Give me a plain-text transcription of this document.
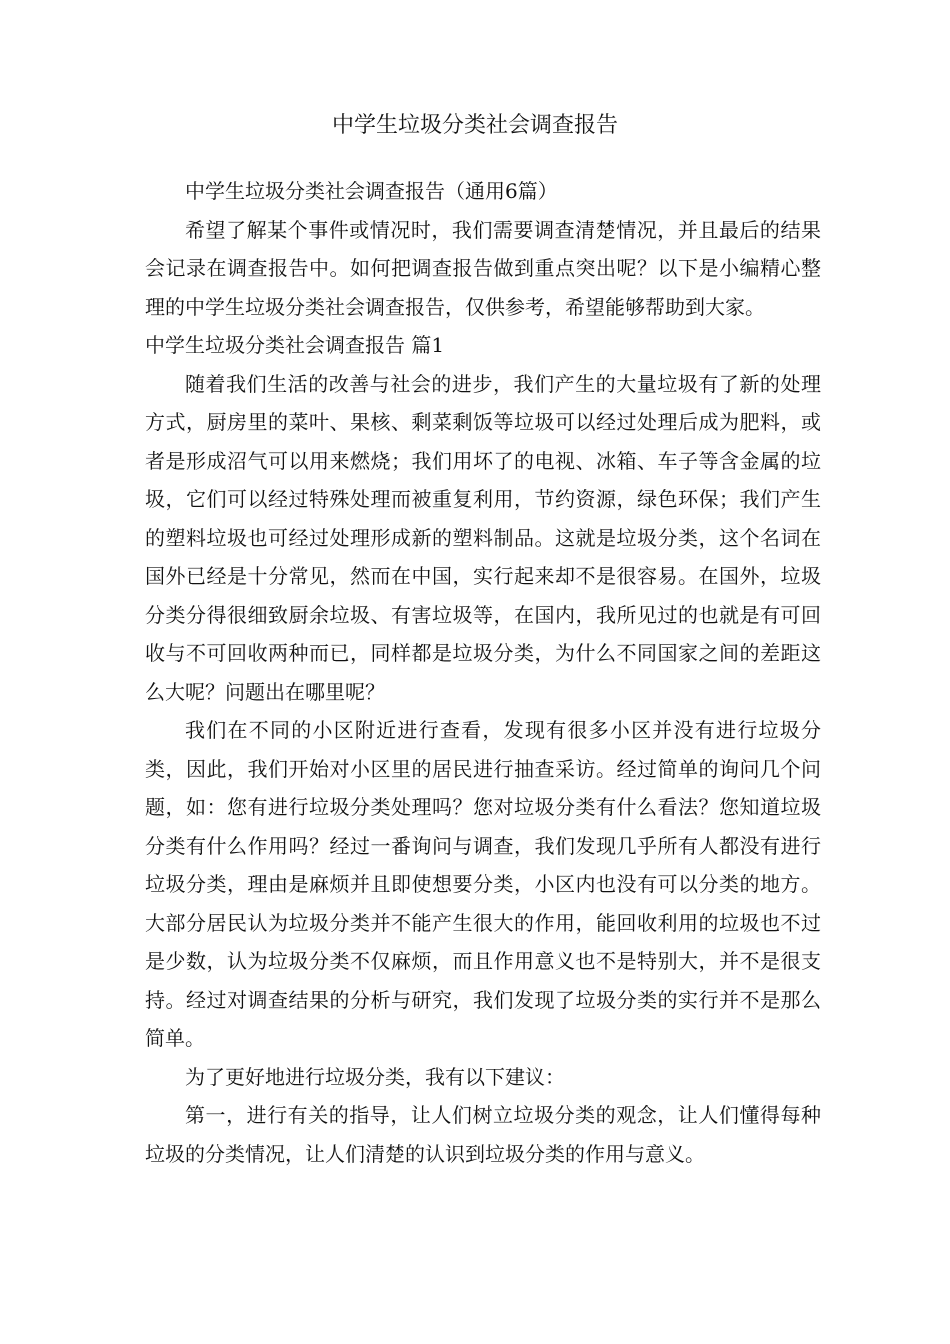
中学生垃圾分类社会调查报告

中学生垃圾分类社会调查报告（通用6篇）

希望了解某个事件或情况时，我们需要调查清楚情况，并且最后的结果会记录在调查报告中。如何把调查报告做到重点突出呢？以下是小编精心整理的中学生垃圾分类社会调查报告，仅供参考，希望能够帮助到大家。

中学生垃圾分类社会调查报告 篇1

随着我们生活的改善与社会的进步，我们产生的大量垃圾有了新的处理方式，厨房里的菜叶、果核、剩菜剩饭等垃圾可以经过处理后成为肥料，或者是形成沼气可以用来燃烧；我们用坏了的电视、冰箱、车子等含金属的垃圾，它们可以经过特殊处理而被重复利用，节约资源，绿色环保；我们产生的塑料垃圾也可经过处理形成新的塑料制品。这就是垃圾分类，这个名词在国外已经是十分常见，然而在中国，实行起来却不是很容易。在国外，垃圾分类分得很细致厨余垃圾、有害垃圾等，在国内，我所见过的也就是有可回收与不可回收两种而已，同样都是垃圾分类，为什么不同国家之间的差距这么大呢？问题出在哪里呢？

我们在不同的小区附近进行查看，发现有很多小区并没有进行垃圾分类，因此，我们开始对小区里的居民进行抽查采访。经过简单的询问几个问题，如：您有进行垃圾分类处理吗？您对垃圾分类有什么看法？您知道垃圾分类有什么作用吗？经过一番询问与调查，我们发现几乎所有人都没有进行垃圾分类，理由是麻烦并且即使想要分类，小区内也没有可以分类的地方。大部分居民认为垃圾分类并不能产生很大的作用，能回收利用的垃圾也不过是少数，认为垃圾分类不仅麻烦，而且作用意义也不是特别大，并不是很支持。经过对调查结果的分析与研究，我们发现了垃圾分类的实行并不是那么简单。

为了更好地进行垃圾分类，我有以下建议：

第一，进行有关的指导，让人们树立垃圾分类的观念，让人们懂得每种垃圾的分类情况，让人们清楚的认识到垃圾分类的作用与意义。
